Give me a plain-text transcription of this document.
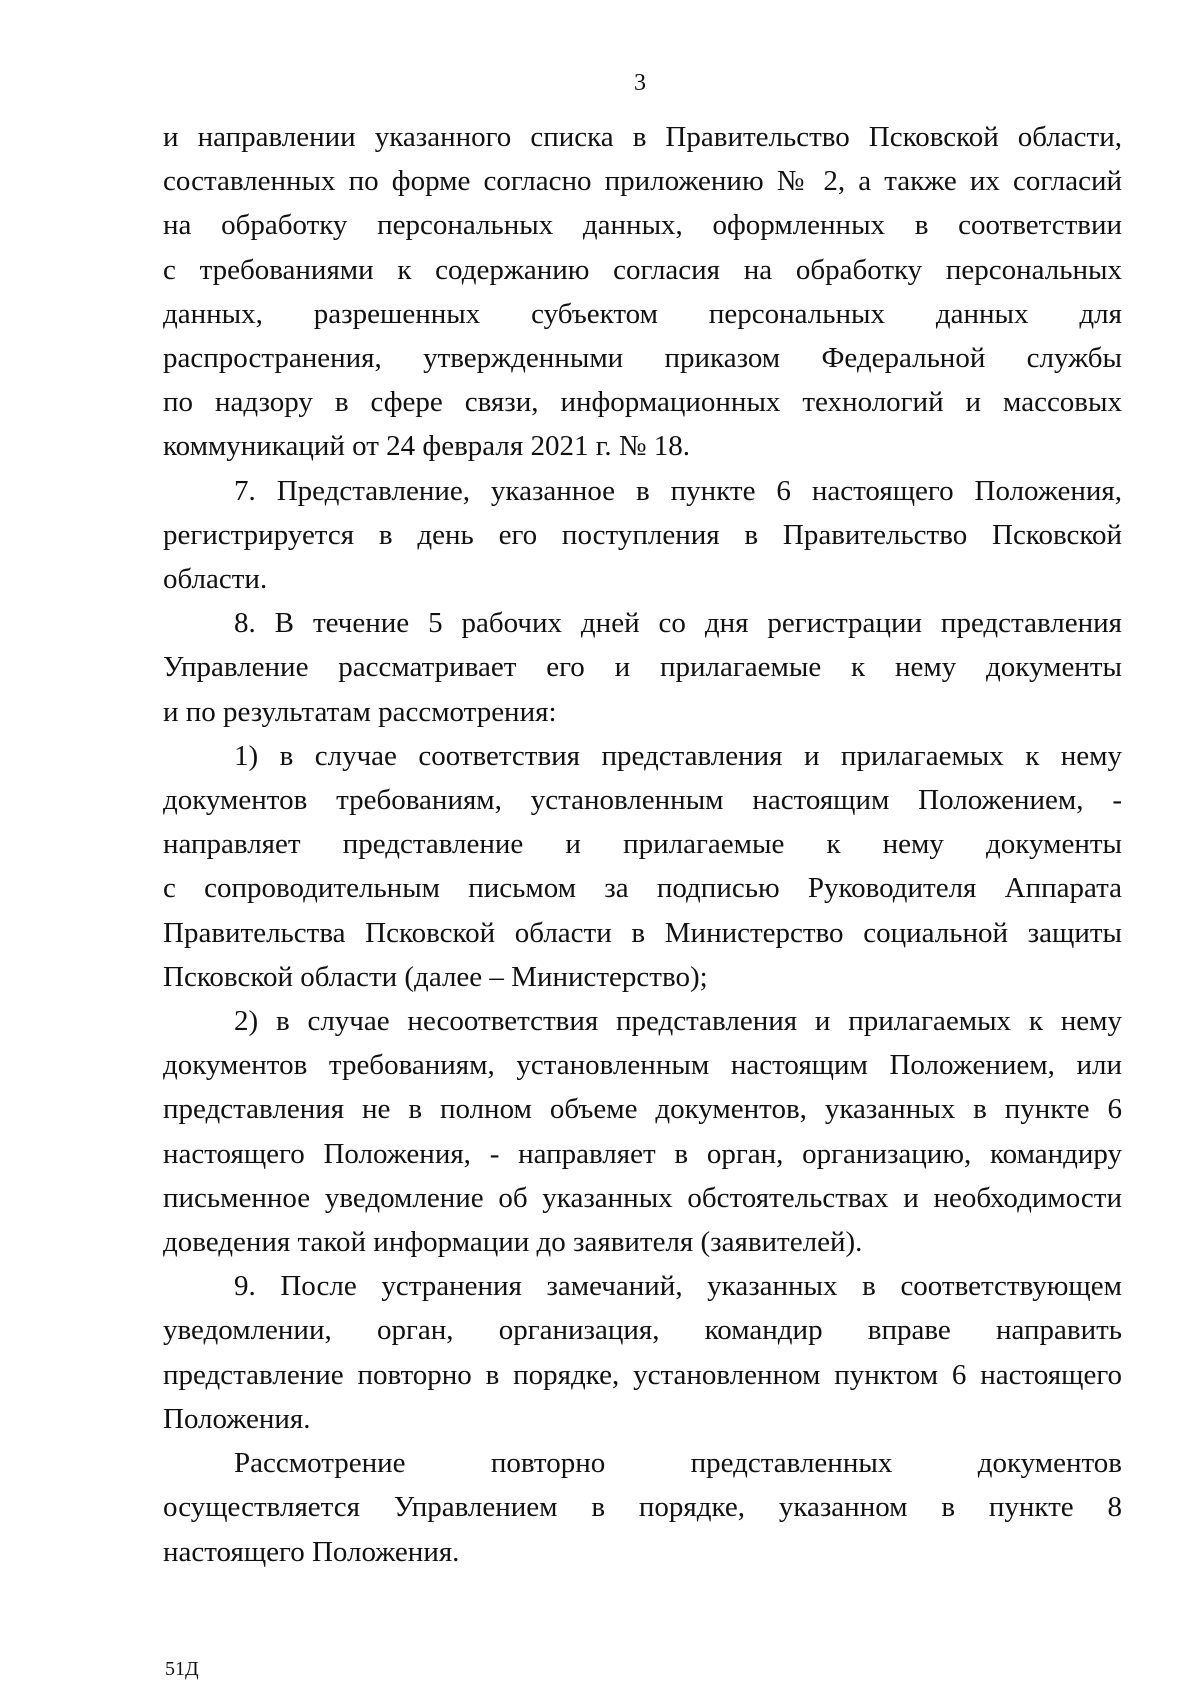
3

и направлении указанного списка в Правительство Псковской области,

составленных по форме согласно приложению № 2, а также их согласий

на обработку персональных данных, оформленных в соответствии

с требованиями к содержанию согласия на обработку персональных

данных, разрешенных субъектом персональных данных для

распространения, утвержденными приказом Федеральной службы

по надзору в сфере связи, информационных технологий и массовых

коммуникаций от 24 февраля 2021 г. № 18.

7. Представление, указанное в пункте 6 настоящего Положения,

регистрируется в день его поступления в Правительство Псковской

области.

8. В течение 5 рабочих дней со дня регистрации представления

Управление рассматривает его и прилагаемые к нему документы

и по результатам рассмотрения:

1) в случае соответствия представления и прилагаемых к нему

документов требованиям, установленным настоящим Положением, -

направляет представление и прилагаемые к нему документы

с сопроводительным письмом за подписью Руководителя Аппарата

Правительства Псковской области в Министерство социальной защиты

Псковской области (далее – Министерство);

2) в случае несоответствия представления и прилагаемых к нему

документов требованиям, установленным настоящим Положением, или

представления не в полном объеме документов, указанных в пункте 6

настоящего Положения, - направляет в орган, организацию, командиру

письменное уведомление об указанных обстоятельствах и необходимости

доведения такой информации до заявителя (заявителей).

9. После устранения замечаний, указанных в соответствующем

уведомлении, орган, организация, командир вправе направить

представление повторно в порядке, установленном пунктом 6 настоящего

Положения.

Рассмотрение повторно представленных документов

осуществляется Управлением в порядке, указанном в пункте 8

настоящего Положения.

51Д
